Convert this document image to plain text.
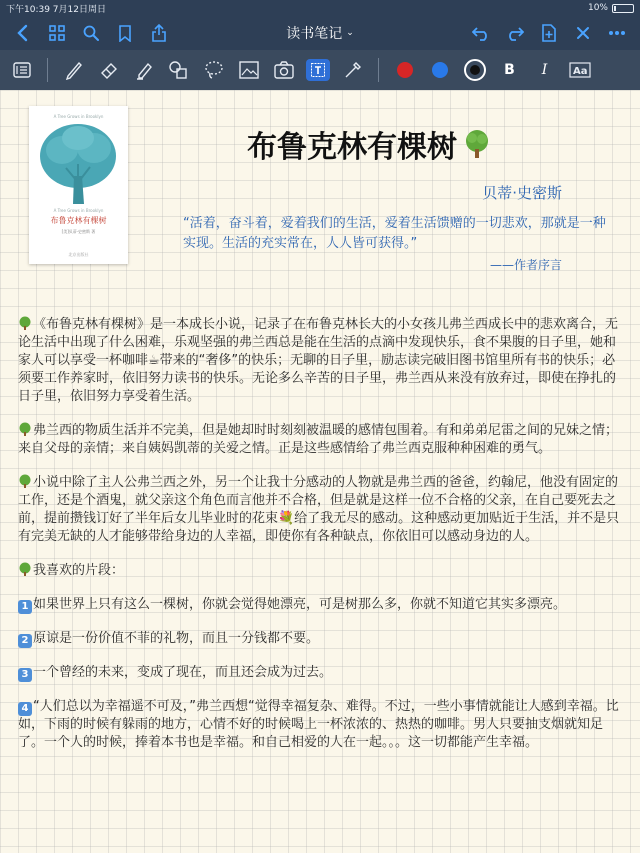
下午10:39 7月12日周日	10%
读书笔记 ⌄
B I	Aa
A Tree Grows in Brooklyn
A Tree Grows in Brooklyn
布鲁克林有棵树
[美]贝蒂·史密斯 著
北京出版社
布鲁克林有棵树
贝蒂·史密斯
“活着，奋斗着，爱着我们的生活，爱着生活馈赠的一切悲欢，那就是一种实现。生活的充实常在，人人皆可获得。”
——作者序言

《布鲁克林有棵树》是一本成长小说，记录了在布鲁克林长大的小女孩儿弗兰西成长中的悲欢离合，无论生活中出现了什么困难，乐观坚强的弗兰西总是能在生活的点滴中发现快乐，食不果腹的日子里，她和家人可以享受一杯咖啡☕带来的“奢侈”的快乐；无聊的日子里，励志读完破旧图书馆里所有书的快乐；必须要工作养家时，依旧努力读书的快乐。无论多么辛苦的日子里，弗兰西从来没有放弃过，即使在挣扎的日子里，依旧努力享受着生活。

弗兰西的物质生活并不完美，但是她却时时刻刻被温暖的感情包围着。有和弟弟尼雷之间的兄妹之情；来自父母的亲情；来自姨妈凯蒂的关爱之情。正是这些感情给了弗兰西克服种种困难的勇气。

小说中除了主人公弗兰西之外，另一个让我十分感动的人物就是弗兰西的爸爸，约翰尼，他没有固定的工作，还是个酒鬼，就父亲这个角色而言他并不合格，但是就是这样一位不合格的父亲，在自己要死去之前，提前攒钱订好了半年后女儿毕业时的花束💐给了我无尽的感动。这种感动更加贴近于生活，并不是只有完美无缺的人才能够带给身边的人幸福，即使你有各种缺点，你依旧可以感动身边的人。

我喜欢的片段：

1 如果世界上只有这么一棵树，你就会觉得她漂亮，可是树那么多，你就不知道它其实多漂亮。

2 原谅是一份价值不菲的礼物，而且一分钱都不要。

3 一个曾经的未来，变成了现在，而且还会成为过去。

4 “人们总以为幸福遥不可及，”弗兰西想“觉得幸福复杂、难得。不过，一些小事情就能让人感到幸福。比如，下雨的时候有躲雨的地方，心情不好的时候喝上一杯浓浓的、热热的咖啡。男人只要抽支烟就知足了。一个人的时候，捧着本书也是幸福。和自己相爱的人在一起。。。这一切都能产生幸福。
